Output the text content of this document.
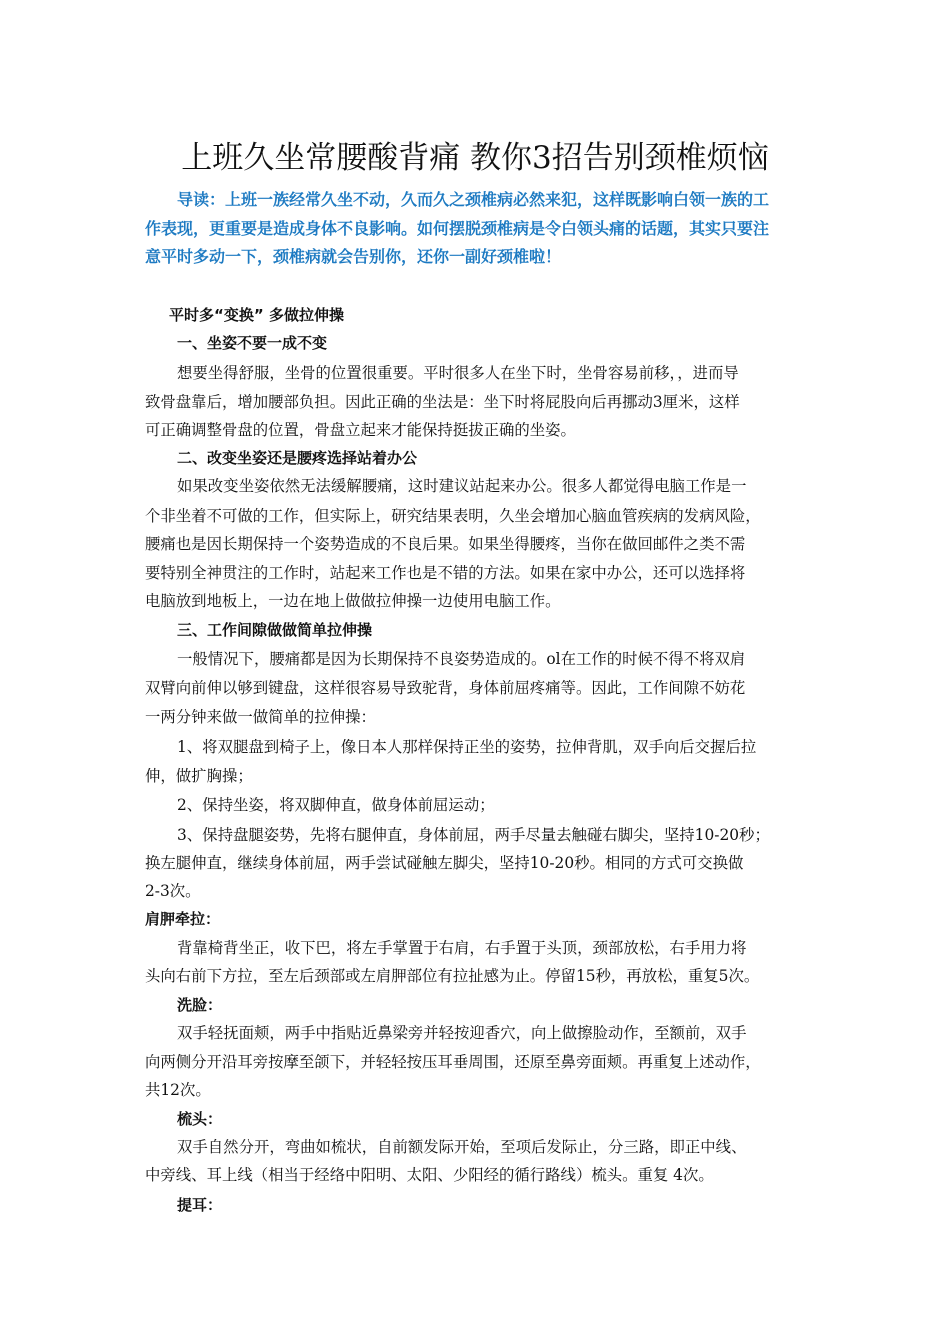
上班久坐常腰酸背痛 教你3招告别颈椎烦恼
导读：上班一族经常久坐不动，久而久之颈椎病必然来犯，这样既影响白领一族的工
作表现，更重要是造成身体不良影响。如何摆脱颈椎病是令白领头痛的话题，其实只要注
意平时多动一下，颈椎病就会告别你，还你一副好颈椎啦！
平时多“变换” 多做拉伸操
一、坐姿不要一成不变
想要坐得舒服，坐骨的位置很重要。平时很多人在坐下时，坐骨容易前移，，进而导
致骨盘靠后，增加腰部负担。因此正确的坐法是：坐下时将屁股向后再挪动3厘米，这样
可正确调整骨盘的位置，骨盘立起来才能保持挺拔正确的坐姿。
二、改变坐姿还是腰疼选择站着办公
如果改变坐姿依然无法缓解腰痛，这时建议站起来办公。很多人都觉得电脑工作是一
个非坐着不可做的工作，但实际上，研究结果表明，久坐会增加心脑血管疾病的发病风险，
腰痛也是因长期保持一个姿势造成的不良后果。如果坐得腰疼，当你在做回邮件之类不需
要特别全神贯注的工作时，站起来工作也是不错的方法。如果在家中办公，还可以选择将
电脑放到地板上，一边在地上做做拉伸操一边使用电脑工作。
三、工作间隙做做简单拉伸操
一般情况下，腰痛都是因为长期保持不良姿势造成的。ol在工作的时候不得不将双肩
双臂向前伸以够到键盘，这样很容易导致驼背，身体前屈疼痛等。因此，工作间隙不妨花
一两分钟来做一做简单的拉伸操：
1、将双腿盘到椅子上，像日本人那样保持正坐的姿势，拉伸背肌，双手向后交握后拉
伸，做扩胸操；
2、保持坐姿，将双脚伸直，做身体前屈运动；
3、保持盘腿姿势，先将右腿伸直，身体前屈，两手尽量去触碰右脚尖，坚持10-20秒；
换左腿伸直，继续身体前屈，两手尝试碰触左脚尖，坚持10-20秒。相同的方式可交换做
2-3次。
肩胛牵拉：
背靠椅背坐正，收下巴，将左手掌置于右肩，右手置于头顶，颈部放松，右手用力将
头向右前下方拉，至左后颈部或左肩胛部位有拉扯感为止。停留15秒，再放松，重复5次。
洗脸：
双手轻抚面颊，两手中指贴近鼻梁旁并轻按迎香穴，向上做擦脸动作，至额前，双手
向两侧分开沿耳旁按摩至颌下，并轻轻按压耳垂周围，还原至鼻旁面颊。再重复上述动作，
共12次。
梳头：
双手自然分开，弯曲如梳状，自前额发际开始，至项后发际止，分三路，即正中线、
中旁线、耳上线（相当于经络中阳明、太阳、少阳经的循行路线）梳头。重复 4次。
提耳：
